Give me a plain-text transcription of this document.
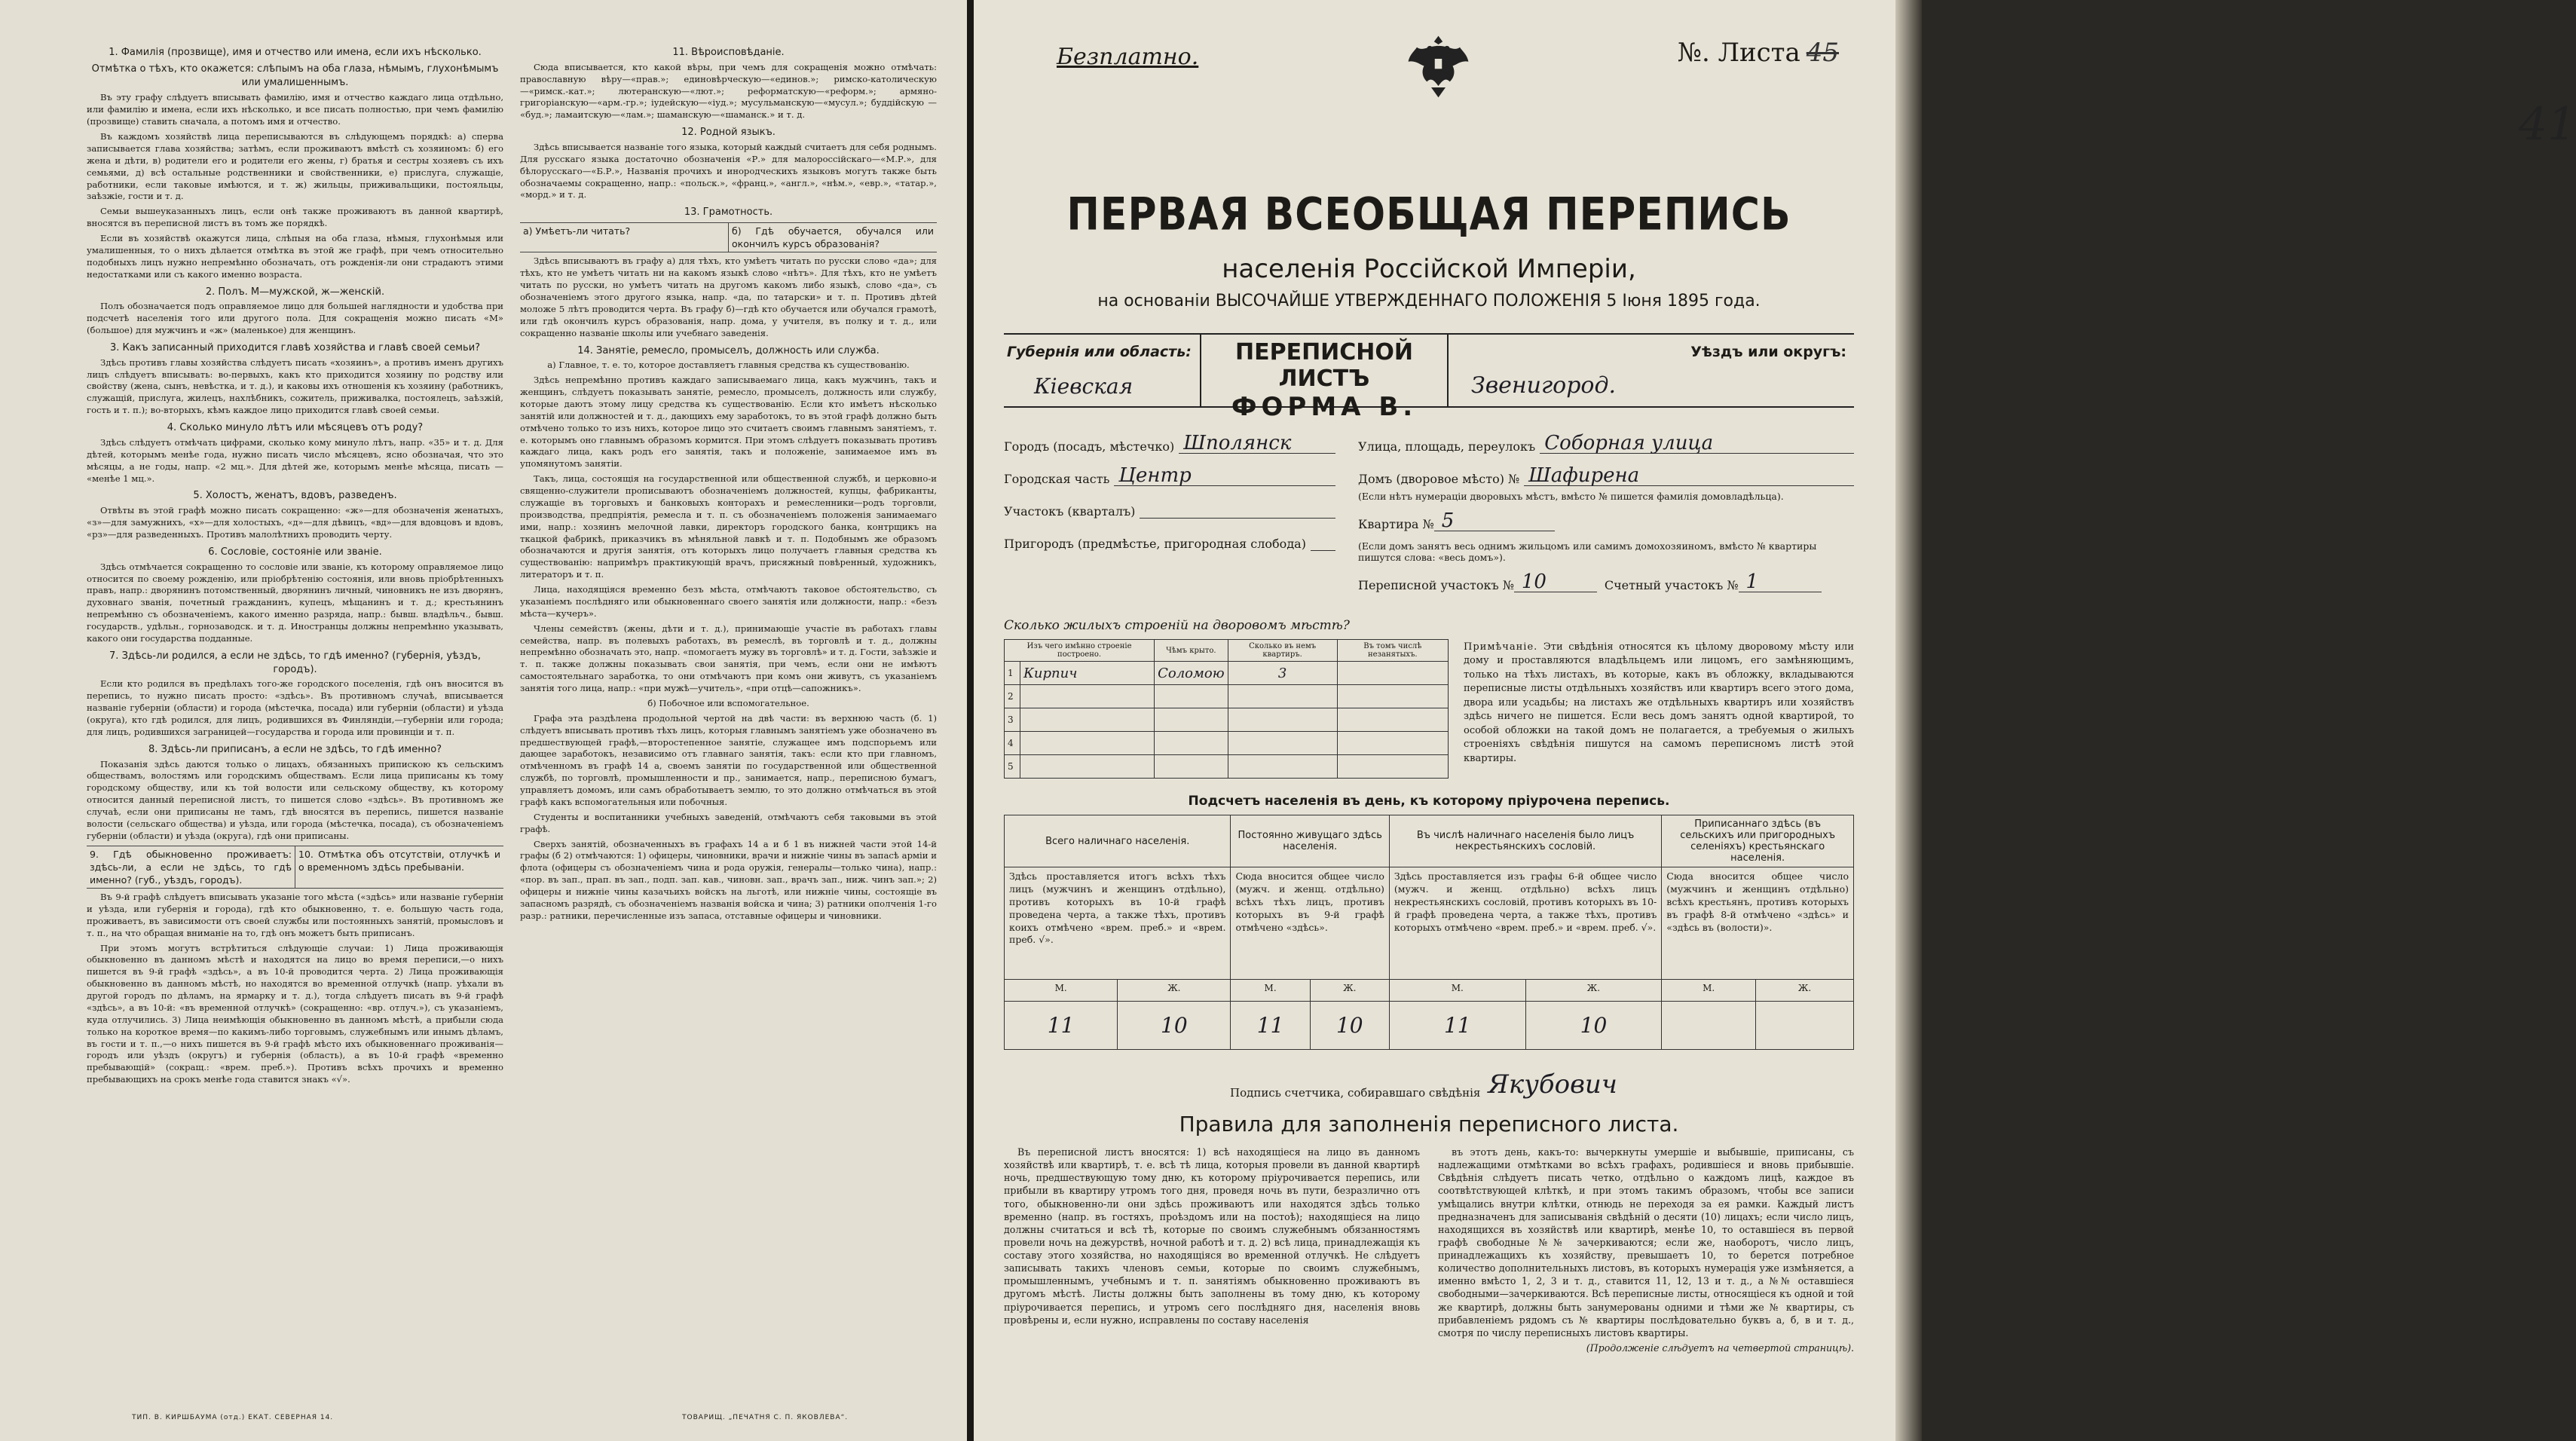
1. Фамилія (прозвище), имя и отчество или имена, если ихъ нѣсколько.

Отмѣтка о тѣхъ, кто окажется: слѣпымъ на оба глаза, нѣмымъ, глухонѣмымъ или умалишеннымъ.

Въ эту графу слѣдуетъ вписывать фамилію, имя и отчество каждаго лица отдѣльно, или фамилію и имена, если ихъ нѣсколько, и все писать полностью, при чемъ фамилію (прозвище) ставить сначала, а потомъ имя и отчество.

Въ каждомъ хозяйствѣ лица переписываются въ слѣдующемъ порядкѣ: а) сперва записывается глава хозяйства; затѣмъ, если проживаютъ вмѣстѣ съ хозяиномъ: б) его жена и дѣти, в) родители его и родители его жены, г) братья и сестры хозяевъ съ ихъ семьями, д) всѣ остальные родственники и свойственники, е) прислуга, служащіе, работники, если таковые имѣются, и т. ж) жильцы, приживальщики, постояльцы, заѣзжіе, гости и т. д.

Семьи вышеуказанныхъ лицъ, если онѣ также проживаютъ въ данной квартирѣ, вносятся въ переписной листъ въ томъ же порядкѣ.

Если въ хозяйствѣ окажутся лица, слѣпыя на оба глаза, нѣмыя, глухонѣмыя или умалишенныя, то о нихъ дѣлается отмѣтка въ этой же графѣ, при чемъ относительно подобныхъ лицъ нужно непремѣнно обозначать, отъ рожденія-ли они страдаютъ этими недостатками или съ какого именно возраста.

2. Полъ. М—мужской, ж—женскій.

Полъ обозначается подъ оправляемое лицо для большей наглядности и удобства при подсчетѣ населенія того или другого пола. Для сокращенія можно писать «М» (большое) для мужчинъ и «ж» (маленькое) для женщинъ.

3. Какъ записанный приходится главѣ хозяйства и главѣ своей семьи?

Здѣсь противъ главы хозяйства слѣдуетъ писать «хозяинъ», а противъ именъ другихъ лицъ слѣдуетъ вписывать: во-первыхъ, какъ кто приходится хозяину по родству или свойству (жена, сынъ, невѣстка, и т. д.), и каковы ихъ отношенія къ хозяину (работникъ, служащій, прислуга, жилецъ, нахлѣбникъ, сожитель, приживалка, постоялецъ, заѣзжій, гость и т. п.); во-вторыхъ, кѣмъ каждое лицо приходится главѣ своей семьи.

4. Сколько минуло лѣтъ или мѣсяцевъ отъ роду?

Здѣсь слѣдуетъ отмѣчать цифрами, сколько кому минуло лѣтъ, напр. «35» и т. д. Для дѣтей, которымъ менѣе года, нужно писать число мѣсяцевъ, ясно обозначая, что это мѣсяцы, а не годы, напр. «2 мц.». Для дѣтей же, которымъ менѣе мѣсяца, писать — «менѣе 1 мц.».

5. Холостъ, женатъ, вдовъ, разведенъ.

Отвѣты въ этой графѣ можно писать сокращенно: «ж»—для обозначенія женатыхъ, «з»—для замужнихъ, «х»—для холостыхъ, «д»—для дѣвицъ, «вд»—для вдовцовъ и вдовъ, «рз»—для разведенныхъ. Противъ малолѣтнихъ проводить черту.

6. Сословіе, состояніе или званіе.

Здѣсь отмѣчается сокращенно то сословіе или званіе, къ которому оправляемое лицо относится по своему рожденію, или пріобрѣтенію состоянія, или вновь пріобрѣтенныхъ правъ, напр.: дворянинъ потомственный, дворянинъ личный, чиновникъ не изъ дворянъ, духовнаго званія, почетный гражданинъ, купецъ, мѣщанинъ и т. д.; крестьянинъ непремѣнно съ обозначеніемъ, какого именно разряда, напр.: бывш. владѣльч., бывш. государств., удѣльн., горнозаводск. и т. д. Иностранцы должны непремѣнно указывать, какого они государства подданные.

7. Здѣсь-ли родился, а если не здѣсь, то гдѣ именно? (губернія, уѣздъ, городъ).

Если кто родился въ предѣлахъ того-же городского поселенія, гдѣ онъ вносится въ перепись, то нужно писать просто: «здѣсь». Въ противномъ случаѣ, вписывается названіе губерніи (области) и города (мѣстечка, посада) или губерніи (области) и уѣзда (округа), кто гдѣ родился, для лицъ, родившихся въ Финляндіи,—губерніи или города; для лицъ, родившихся заграницей—государства и города или провинціи и т. п.

8. Здѣсь-ли приписанъ, а если не здѣсь, то гдѣ именно?

Показанія здѣсь даются только о лицахъ, обязанныхъ припискою къ сельскимъ обществамъ, волостямъ или городскимъ обществамъ. Если лица приписаны къ тому городскому обществу, или къ той волости или сельскому обществу, къ которому относится данный переписной листъ, то пишется слово «здѣсь». Въ противномъ же случаѣ, если они приписаны не тамъ, гдѣ вносятся въ перепись, пишется названіе волости (сельскаго общества) и уѣзда, или города (мѣстечка, посада), съ обозначеніемъ губерніи (области) и уѣзда (округа), гдѣ они приписаны.

9. Гдѣ обыкновенно проживаетъ: здѣсь-ли, а если не здѣсь, то гдѣ именно? (губ., уѣздъ, городъ).
10. Отмѣтка объ отсутствіи, отлучкѣ и о временномъ здѣсь пребываніи.

Въ 9-й графѣ слѣдуетъ вписывать указаніе того мѣста («здѣсь» или названіе губерніи и уѣзда, или губернія и города), гдѣ кто обыкновенно, т. е. большую часть года, проживаетъ, въ зависимости отъ своей службы или постоянныхъ занятій, промысловъ и т. п., на что обращая вниманіе на то, гдѣ онъ можетъ быть приписанъ.

При этомъ могутъ встрѣтиться слѣдующіе случаи: 1) Лица проживающія обыкновенно въ данномъ мѣстѣ и находятся на лицо во время переписи,—о нихъ пишется въ 9-й графѣ «здѣсь», а въ 10-й проводится черта. 2) Лица проживающія обыкновенно въ данномъ мѣстѣ, но находятся во временной отлучкѣ (напр. уѣхали въ другой городъ по дѣламъ, на ярмарку и т. д.), тогда слѣдуетъ писать въ 9-й графѣ «здѣсь», а въ 10-й: «въ временной отлучкѣ» (сокращенно: «вр. отлуч.»), съ указаніемъ, куда отлучились. 3) Лица неимѣющія обыкновенно въ данномъ мѣстѣ, а прибыли сюда только на короткое время—по какимъ-либо торговымъ, служебнымъ или инымъ дѣламъ, въ гости и т. п.,—о нихъ пишется въ 9-й графѣ мѣсто ихъ обыкновеннаго проживанія—городъ или уѣздъ (округъ) и губернія (область), а въ 10-й графѣ «временно пребывающій» (сокращ.: «врем. преб.»). Противъ всѣхъ прочихъ и временно пребывающихъ на срокъ менѣе года ставится знакъ «√».

11. Вѣроисповѣданіе.

Сюда вписывается, кто какой вѣры, при чемъ для сокращенія можно отмѣчать: православную вѣру—«прав.»; единовѣрческую—«единов.»; римско-католическую—«римск.-кат.»; лютеранскую—«лют.»; реформатскую—«реформ.»; армяно-григоріанскую—«арм.-гр.»; іудейскую—«іуд.»; мусульманскую—«мусул.»; буддійскую — «буд.»; ламаитскую—«лам.»; шаманскую—«шаманск.» и т. д.

12. Родной языкъ.

Здѣсь вписывается названіе того языка, который каждый считаетъ для себя роднымъ. Для русскаго языка достаточно обозначенія «Р.» для малороссійскаго—«М.Р.», для бѣлорусскаго—«Б.Р.», Названія прочихъ и инородческихъ языковъ могутъ также быть обозначаемы сокращенно, напр.: «польск.», «франц.», «англ.», «нѣм.», «евр.», «татар.», «морд.» и т. д.

13. Грамотность.
а) Умѣетъ-ли читать?	б) Гдѣ обучается, обучался или окончилъ курсъ образованія?

Здѣсь вписываютъ въ графу а) для тѣхъ, кто умѣетъ читать по русски слово «да»; для тѣхъ, кто не умѣетъ читать ни на какомъ языкѣ слово «нѣтъ». Для тѣхъ, кто не умѣетъ читать по русски, но умѣетъ читать на другомъ какомъ либо языкѣ, слово «да», съ обозначеніемъ этого другого языка, напр. «да, по татарски» и т. п. Противъ дѣтей моложе 5 лѣтъ проводится черта. Въ графу б)—гдѣ кто обучается или обучался грамотѣ, или гдѣ окончилъ курсъ образованія, напр. дома, у учителя, въ полку и т. д., или сокращенно названіе школы или учебнаго заведенія.

14. Занятіе, ремесло, промыселъ, должность или служба.

а) Главное, т. е. то, которое доставляетъ главныя средства къ существованію.

Здѣсь непремѣнно противъ каждаго записываемаго лица, какъ мужчинъ, такъ и женщинъ, слѣдуетъ показывать занятіе, ремесло, промыселъ, должность или службу, которые даютъ этому лицу средства къ существованію. Если кто имѣетъ нѣсколько занятій или должностей и т. д., дающихъ ему заработокъ, то въ этой графѣ должно быть отмѣчено только то изъ нихъ, которое лицо это считаетъ своимъ главнымъ занятіемъ, т. е. которымъ оно главнымъ образомъ кормится. При этомъ слѣдуетъ показывать противъ каждаго лица, какъ родъ его занятія, такъ и положеніе, занимаемое имъ въ упомянутомъ занятіи.

Такъ, лица, состоящія на государственной или общественной службѣ, и церковно-и священно-служители прописываютъ обозначеніемъ должностей, купцы, фабриканты, служащіе въ торговыхъ и банковыхъ конторахъ и ремесленники—родъ торговли, производства, предпріятія, ремесла и т. п. съ обозначеніемъ положенія занимаемаго ими, напр.: хозяинъ мелочной лавки, директоръ городского банка, контрщикъ на ткацкой фабрикѣ, приказчикъ въ мѣняльной лавкѣ и т. п. Подобнымъ же образомъ обозначаются и другія занятія, отъ которыхъ лицо получаетъ главныя средства къ существованію: напримѣръ практикующій врачъ, присяжный повѣренный, художникъ, литераторъ и т. п.

Лица, находящіяся временно безъ мѣста, отмѣчаютъ таковое обстоятельство, съ указаніемъ послѣдняго или обыкновеннаго своего занятія или должности, напр.: «безъ мѣста—кучеръ».

Члены семействъ (жены, дѣти и т. д.), принимающіе участіе въ работахъ главы семейства, напр. въ полевыхъ работахъ, въ ремеслѣ, въ торговлѣ и т. д., должны непремѣнно обозначать это, напр. «помогаетъ мужу въ торговлѣ» и т. д. Гости, заѣзжіе и т. п. также должны показывать свои занятія, при чемъ, если они не имѣютъ самостоятельнаго заработка, то они отмѣчаютъ при комъ они живутъ, съ указаніемъ занятія того лица, напр.: «при мужѣ—учитель», «при отцѣ—сапожникъ».

б) Побочное или вспомогательное.

Графа эта раздѣлена продольной чертой на двѣ части: въ верхнюю часть (б. 1) слѣдуетъ вписывать противъ тѣхъ лицъ, которыя главнымъ занятіемъ уже обозначено въ предшествующей графѣ,—второстепенное занятіе, служащее имъ подспорьемъ или дающее заработокъ, независимо отъ главнаго занятія, такъ: если кто при главномъ, отмѣченномъ въ графѣ 14 а, своемъ занятіи по государственной или общественной службѣ, по торговлѣ, промышленности и пр., занимается, напр., переписною бумагъ, управляетъ домомъ, или самъ обработываетъ землю, то это должно отмѣчаться въ этой графѣ какъ вспомогательныя или побочныя.

Студенты и воспитанники учебныхъ заведеній, отмѣчаютъ себя таковыми въ этой графѣ.

Сверхъ занятій, обозначенныхъ въ графахъ 14 а и б 1 въ нижней части этой 14-й графы (б 2) отмѣчаются: 1) офицеры, чиновники, врачи и нижніе чины въ запасѣ арміи и флота (офицеры съ обозначеніемъ чина и рода оружія, генералы—только чина), напр.: «пор. въ зап., прап. въ зап., подп. зап. кав., чиновн. зап., врачъ зап., ниж. чинъ зап.»; 2) офицеры и нижніе чины казачьихъ войскъ на льготѣ, или нижніе чины, состоящіе въ запасномъ разрядѣ, съ обозначеніемъ названія войска и чина; 3) ратники ополченія 1-го разр.: ратники, перечисленные изъ запаса, отставные офицеры и чиновники.

ТИП. В. КИРШБАУМА (отд.) ЕКАТ. СЕВЕРНАЯ 14.	ТОВАРИЩ. „ПЕЧАТНЯ С. П. ЯКОВЛЕВА“.
Безплатно.	№. Листа 45
41
ПЕРВАЯ ВСЕОБЩАЯ ПЕРЕПИСЬ
населенія Россійской Имперіи,
на основаніи ВЫСОЧАЙШЕ УТВЕРЖДЕННАГО ПОЛОЖЕНІЯ 5 Іюня 1895 года.
Губернія или область:
Кіевская
ПЕРЕПИСНОЙ ЛИСТЪ
ФОРМА В.
Уѣздъ или округъ:
Звенигород.
Городъ (посадъ, мѣстечко) Шполянск
Городская часть Центр
Участокъ (кварталъ)
Пригородъ (предмѣстье, пригородная слобода)
Улица, площадь, переулокъ Соборная улица
Домъ (дворовое мѣсто) № Шафирена
(Если нѣтъ нумераціи дворовыхъ мѣстъ, вмѣсто № пишется фамилія домовладѣльца).
Квартира № 5
(Если домъ занятъ весь однимъ жильцомъ или самимъ домохозяиномъ, вмѣсто № квартиры пишутся слова: «весь домъ»).
Переписной участокъ № 10	Счетный участокъ № 1
Сколько жилыхъ строеній на дворовомъ мѣстѣ?
Изъ чего имѣнно строеніе построено.		Чѣмъ крыто.	Сколько въ немъ квартиръ.	Въ томъ числѣ незанятыхъ.
1	Кирпич	Соломою	3	
2				
3				
4				
5				
Примѣчаніе. Эти свѣдѣнія относятся къ цѣлому дворовому мѣсту или дому и проставляются владѣльцемъ или лицомъ, его замѣняющимъ, только на тѣхъ листахъ, въ которые, какъ въ обложку, вкладываются переписные листы отдѣльныхъ хозяйствъ или квартиръ всего этого дома, двора или усадьбы; на листахъ же отдѣльныхъ квартиръ или хозяйствъ здѣсь ничего не пишется. Если весь домъ занятъ одной квартирой, то особой обложки на такой домъ не полагается, а требуемыя о жилыхъ строеніяхъ свѣдѣнія пишутся на самомъ переписномъ листѣ этой квартиры.
Подсчетъ населенія въ день, къ которому пріурочена перепись.
Всего наличнаго населенія.		Постоянно живущаго здѣсь населенія.		Въ числѣ наличнаго населенія было лицъ некрестьянскихъ сословій.		Приписаннаго здѣсь (въ сельскихъ или пригородныхъ селеніяхъ) крестьянскаго населенія.	
Здѣсь проставляется итогъ всѣхъ тѣхъ лицъ (мужчинъ и женщинъ отдѣльно), противъ которыхъ въ 10-й графѣ проведена черта, а также тѣхъ, противъ коихъ отмѣчено «врем. преб.» и «врем. преб. √».		Сюда вносится общее число (мужч. и женщ. отдѣльно) всѣхъ тѣхъ лицъ, противъ которыхъ въ 9-й графѣ отмѣчено «здѣсь».		Здѣсь проставляется изъ графы 6-й общее число (мужч. и женщ. отдѣльно) всѣхъ лицъ некрестьянскихъ сословій, противъ которыхъ въ 10-й графѣ проведена черта, а также тѣхъ, противъ которыхъ отмѣчено «врем. преб.» и «врем. преб. √».		Сюда вносится общее число (мужчинъ и женщинъ отдѣльно) всѣхъ крестьянъ, противъ которыхъ въ графѣ 8-й отмѣчено «здѣсь» и «здѣсь въ (волости)».	
М.	Ж.	М.	Ж.	М.	Ж.	М.	Ж.
11	10	11	10	11	10		
Подпись счетчика, собиравшаго свѣдѣнія Якубович
Правила для заполненія переписного листа.

Въ переписной листъ вносятся: 1) всѣ находящіеся на лицо въ данномъ хозяйствѣ или квартирѣ, т. е. всѣ тѣ лица, которыя провели въ данной квартирѣ ночь, предшествующую тому дню, къ которому пріурочивается перепись, или прибыли въ квартиру утромъ того дня, проведя ночь въ пути, безразлично отъ того, обыкновенно-ли они здѣсь проживаютъ или находятся здѣсь только временно (напр. въ гостяхъ, проѣздомъ или на постоѣ); находящіеся на лицо должны считаться и всѣ тѣ, которые по своимъ служебнымъ обязанностямъ провели ночь на дежурствѣ, ночной работѣ и т. д. 2) всѣ лица, принадлежащія къ составу этого хозяйства, но находящіяся во временной отлучкѣ. Не слѣдуетъ записывать такихъ членовъ семьи, которые по своимъ служебнымъ, промышленнымъ, учебнымъ и т. п. занятіямъ обыкновенно проживаютъ въ другомъ мѣстѣ. Листы должны быть заполнены въ тому дню, къ которому пріурочивается перепись, и утромъ сего послѣдняго дня, населенія вновь провѣрены и, если нужно, исправлены по составу населенія

въ этотъ день, какъ-то: вычеркнуты умершіе и выбывшіе, приписаны, съ надлежащими отмѣтками во всѣхъ графахъ, родившіеся и вновь прибывшіе. Свѣдѣнія слѣдуетъ писать четко, отдѣльно о каждомъ лицѣ, каждое въ соотвѣтствующей клѣткѣ, и при этомъ такимъ образомъ, чтобы все записи умѣщались внутри клѣтки, отнюдь не переходя за ея рамки. Каждый листъ предназначенъ для записыванія свѣдѣній о десяти (10) лицахъ; если число лицъ, находящихся въ хозяйствѣ или квартирѣ, менѣе 10, то оставшіеся въ первой графѣ свободные №№ зачеркиваются; если же, наоборотъ, число лицъ, принадлежащихъ къ хозяйству, превышаетъ 10, то берется потребное количество дополнительныхъ листовъ, въ которыхъ нумерація уже измѣняется, а именно вмѣсто 1, 2, 3 и т. д., ставится 11, 12, 13 и т. д., а №№ оставшіеся свободными—зачеркиваются. Всѣ переписные листы, относящіеся къ одной и той же квартирѣ, должны быть занумерованы одними и тѣми же № квартиры, съ прибавленіемъ рядомъ съ № квартиры послѣдовательно буквъ а, б, в и т. д., смотря по числу переписныхъ листовъ квартиры.

(Продолженіе слѣдуетъ на четвертой страницѣ).
